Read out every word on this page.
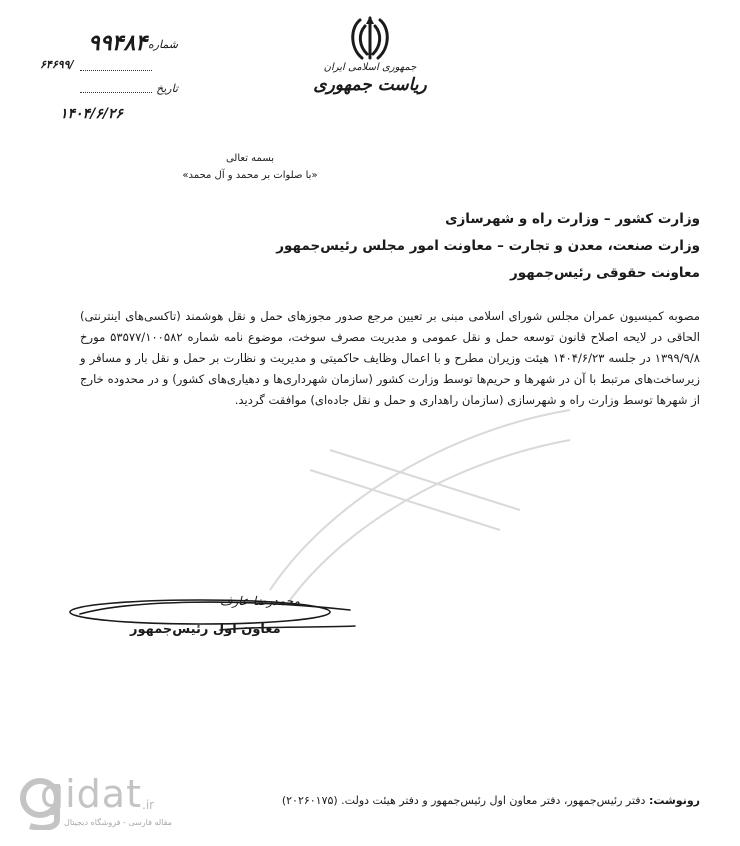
جمهوری اسلامی ایران
ریاست جمهوری
۹۹۴۸۴ شماره
۶۴۶۹۹/
تاریخ
۱۴۰۴/۶/۲۶
بسمه تعالی
«با صلوات بر محمد و آل محمد»
وزارت کشور – وزارت راه و شهرسازی
وزارت صنعت، معدن و تجارت – معاونت امور مجلس رئیس‌جمهور
معاونت حقوقی رئیس‌جمهور

مصوبه کمیسیون عمران مجلس شورای اسلامی مبنی بر تعیین مرجع صدور مجوزهای حمل و نقل هوشمند (تاکسی‌های اینترنتی) الحاقی در لایحه اصلاح قانون توسعه حمل و نقل عمومی و مدیریت مصرف سوخت، موضوع نامه شماره ۵۳۵۷۷/۱۰۰۵۸۲ مورخ ۱۳۹۹/۹/۸ در جلسه ۱۴۰۴/۶/۲۳ هیئت وزیران مطرح و با اعمال وظایف حاکمیتی و مدیریت و نظارت بر حمل و نقل بار و مسافر و زیرساخت‌های مرتبط با آن در شهرها و حریم‌ها توسط وزارت کشور (سازمان شهرداری‌ها و دهیاری‌های کشور) و در محدوده خارج از شهرها توسط وزارت راه و شهرسازی (سازمان راهداری و حمل و نقل جاده‌ای) موافقت گردید.

محمدرضا عارف
معاون اول رئیس‌جمهور
رونوشت: دفتر رئیس‌جمهور، دفتر معاون اول رئیس‌جمهور و دفتر هیئت دولت. (۲۰۲۶۰۱۷۵)
gidat .ir
مقاله فارسی - فروشگاه دیجیتال
